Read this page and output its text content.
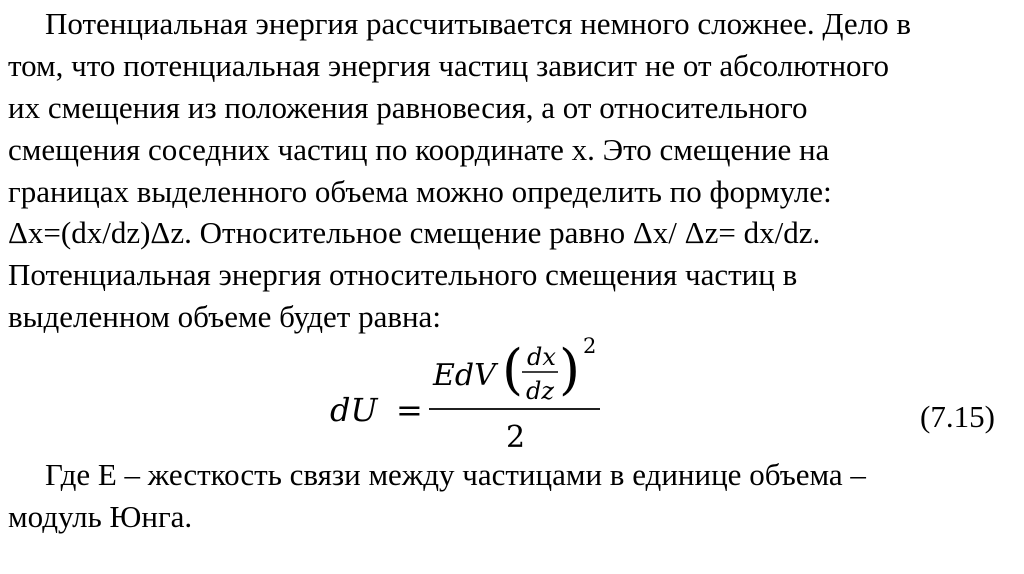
Потенциальная энергия рассчитывается немного сложнее. Дело в
том, что потенциальная энергия частиц зависит не от абсолютного
их смещения из положения равновесия, а от относительного
смещения соседних частиц по координате x. Это смещение на
границах выделенного объема можно определить по формуле:
Δx=(dx/dz)Δz. Относительное смещение равно Δx/ Δz= dx/dz.
Потенциальная энергия относительного смещения частиц в
выделенном объеме будет равна:
dU =
EdV ( dx
dz ) 2
2
(7.15)
Где E – жесткость связи между частицами в единице объема –
модуль Юнга.
